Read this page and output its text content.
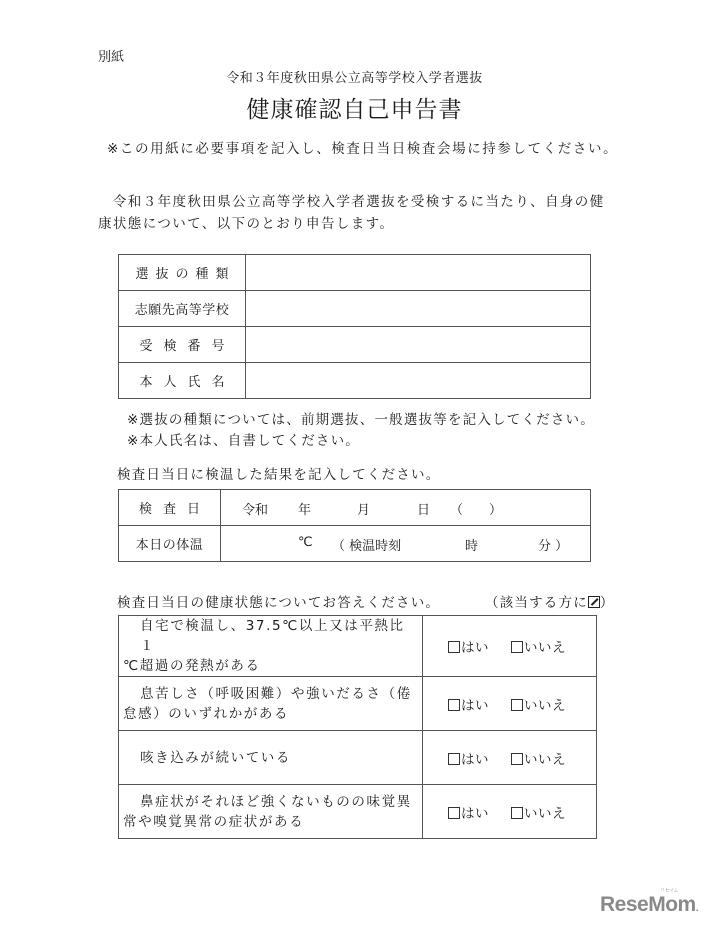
別紙
令和３年度秋田県公立高等学校入学者選抜
健康確認自己申告書
※この用紙に必要事項を記入し、検査日当日検査会場に持参してください。
　令和３年度秋田県公立高等学校入学者選抜を受検するに当たり、自身の健康状態について、以下のとおり申告します。
選抜の種類	
志願先高等学校	
受検番号	
本人氏名	
※選抜の種類については、前期選抜、一般選抜等を記入してください。
※本人氏名は、自書してください。
検査日当日に検温した結果を記入してください。
検査日	令和 年	月	日 （ ）

本日の体温	℃ （ 検温時刻 時 分 ）
検査日当日の健康状態についてお答えください。	（該当する方に ）
自宅で検温し、37.5℃以上又は平熱比１
℃超過の発熱がある	はい いいえ

息苦しさ（呼吸困難）や強いだるさ（倦
怠感）のいずれかがある	はい いいえ

咳き込みが続いている	はい いいえ

鼻症状がそれほど強くないものの味覚異
常や嗅覚異常の症状がある	はい いいえ
ReseMom.
リセマム
